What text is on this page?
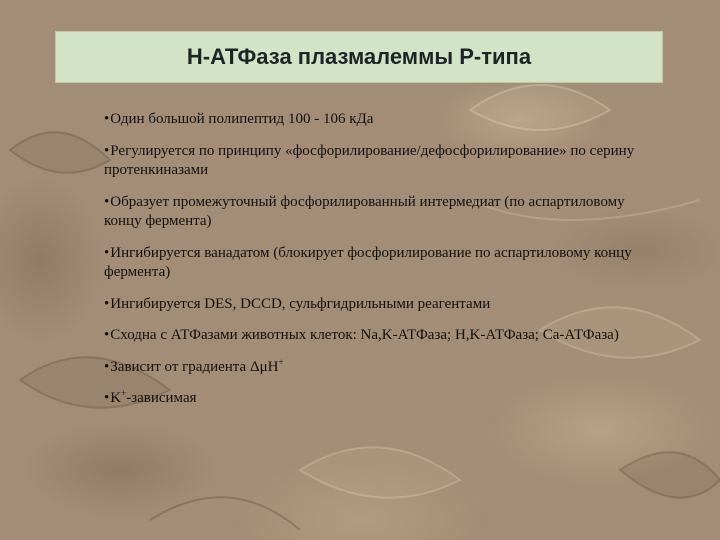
Н-АТФаза плазмалеммы Р-типа
• Один большой полипептид 100 - 106 кДа
• Регулируется по принципу «фосфорилирование/дефосфорилирование» по серину протенкиназами
• Образует промежуточный фосфорилированный интермедиат (по аспартиловому концу фермента)
• Ингибируется ванадатом (блокирует фосфорилирование по аспартиловому концу фермента)
• Ингибируется DES, DCCD, сульфгидрильными реагентами
• Сходна с АТФазами животных клеток: Na,K-АТФаза; H,K-АТФаза; Са-АТФаза)
• Зависит от градиента ΔμH+
• K+-зависимая
